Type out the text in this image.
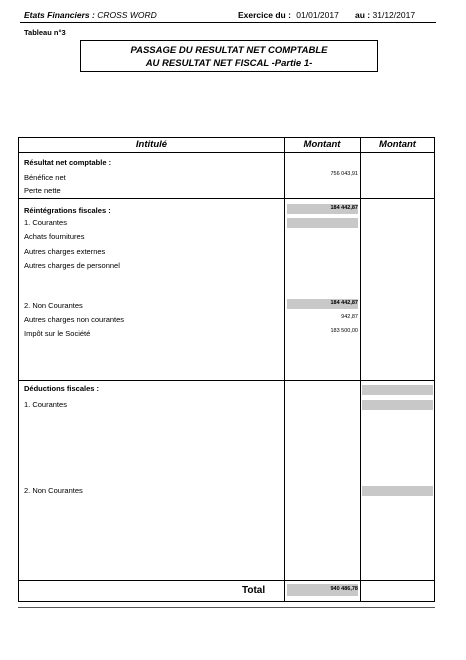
Etats Financiers : CROSS WORD	Exercice du : 01/01/2017 au : 31/12/2017
Tableau n°3
PASSAGE DU RESULTAT NET COMPTABLE
AU RESULTAT NET FISCAL -Partie 1-
Intitulé	Montant	Montant
Résultat net comptable :
Bénéfice net	756 043,91
Perte nette
Réintégrations fiscales :	184 442,87
1. Courantes
Achats fournitures
Autres charges externes
Autres charges de personnel
2. Non Courantes	184 442,87
Autres charges non courantes	942,87
Impôt sur le Société	183 500,00
Déductions fiscales :
1. Courantes
2. Non Courantes
Total	940 486,78
